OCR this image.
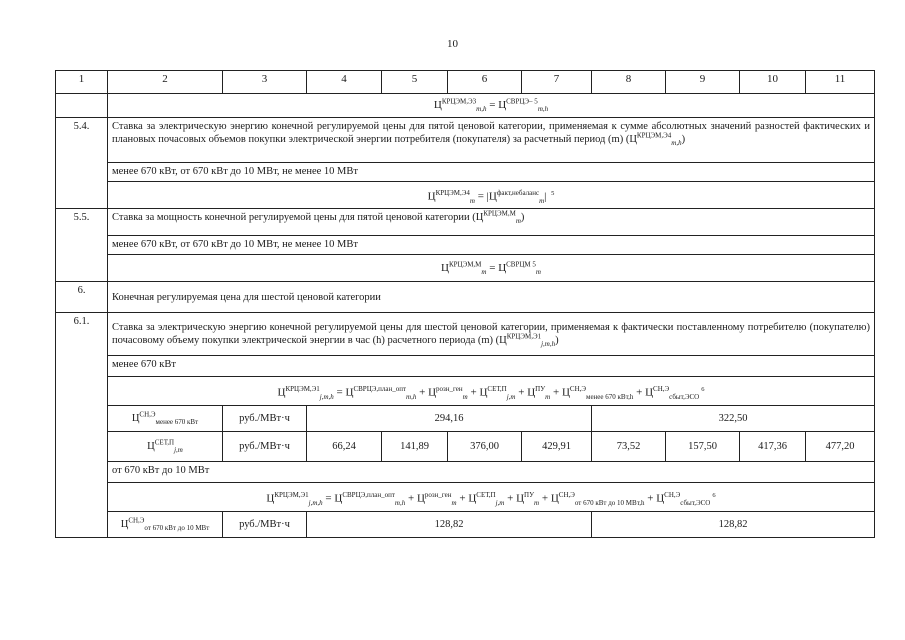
10
1	2	3	4	5	6	7	8	9	10	11
	$Ц^{КРЦЭМ,Э3}_{m,h} = Ц^{СВРЦЭ- 5}_{m,h}$
5.4.	Ставка за электрическую энергию конечной регулируемой цены для пятой ценовой категории, применяемая к сумме абсолютных значений разностей фактических и плановых почасовых объемов покупки электрической энергии потребителя (покупателя) за расчетный период (m) $(Ц^{КРЦЭМ,Э4}_{m,h})$									
	менее 670 кВт, от 670 кВт до 10 МВт, не менее 10 МВт									
	$Ц^{КРЦЭМ,Э4}_m = |Ц^{факт,небаланс}_m|$ $^5$
5.5.	Ставка за мощность конечной регулируемой цены для пятой ценовой категории $(Ц^{КРЦЭМ,М}_m)$									
	менее 670 кВт, от 670 кВт до 10 МВт, не менее 10 МВт									
	$Ц^{КРЦЭМ,М}_m = Ц^{СВРЦМ 5}_m$
6.	Конечная регулируемая цена для шестой ценовой категории									
6.1.	Ставка за электрическую энергию конечной регулируемой цены для шестой ценовой категории, применяемая к фактически поставленному потребителю (покупателю) почасовому объему покупки электрической энергии в час (h) расчетного периода (m) $(Ц^{КРЦЭМ,Э1}_{j,m,h})$									
	менее 670 кВт									
	$Ц^{КРЦЭМ,Э1}_{j,m,h} = Ц^{СВРЦЭ,план\_опт}_{m,h} + Ц^{розн\_ген}_m + Ц^{СЕТ,П}_{j,m} + Ц^{ПУ}_m + Ц^{СН,Э}_{менее 670 кВт,h} + Ц^{СН,Э}_{сбыт,ЭСО}^6$
	$Ц^{СН,Э}_{менее 670 кВт}$	руб./МВт·ч	294,16				322,50			
	$Ц^{СЕТ,П}_{j,m}$	руб./МВт·ч	66,24	141,89	376,00	429,91	73,52	157,50	417,36	477,20
	от 670 кВт до 10 МВт									
	$Ц^{КРЦЭМ,Э1}_{j,m,h} = Ц^{СВРЦЭ,план\_опт}_{m,h} + Ц^{розн\_ген}_m + Ц^{СЕТ,П}_{j,m} + Ц^{ПУ}_m + Ц^{СН,Э}_{от 670 кВт до 10 МВт,h} + Ц^{СН,Э}_{сбыт,ЭСО}^6$
	$Ц^{СН,Э}_{от 670 кВт до 10 МВт}$	руб./МВт·ч	128,82				128,82			
